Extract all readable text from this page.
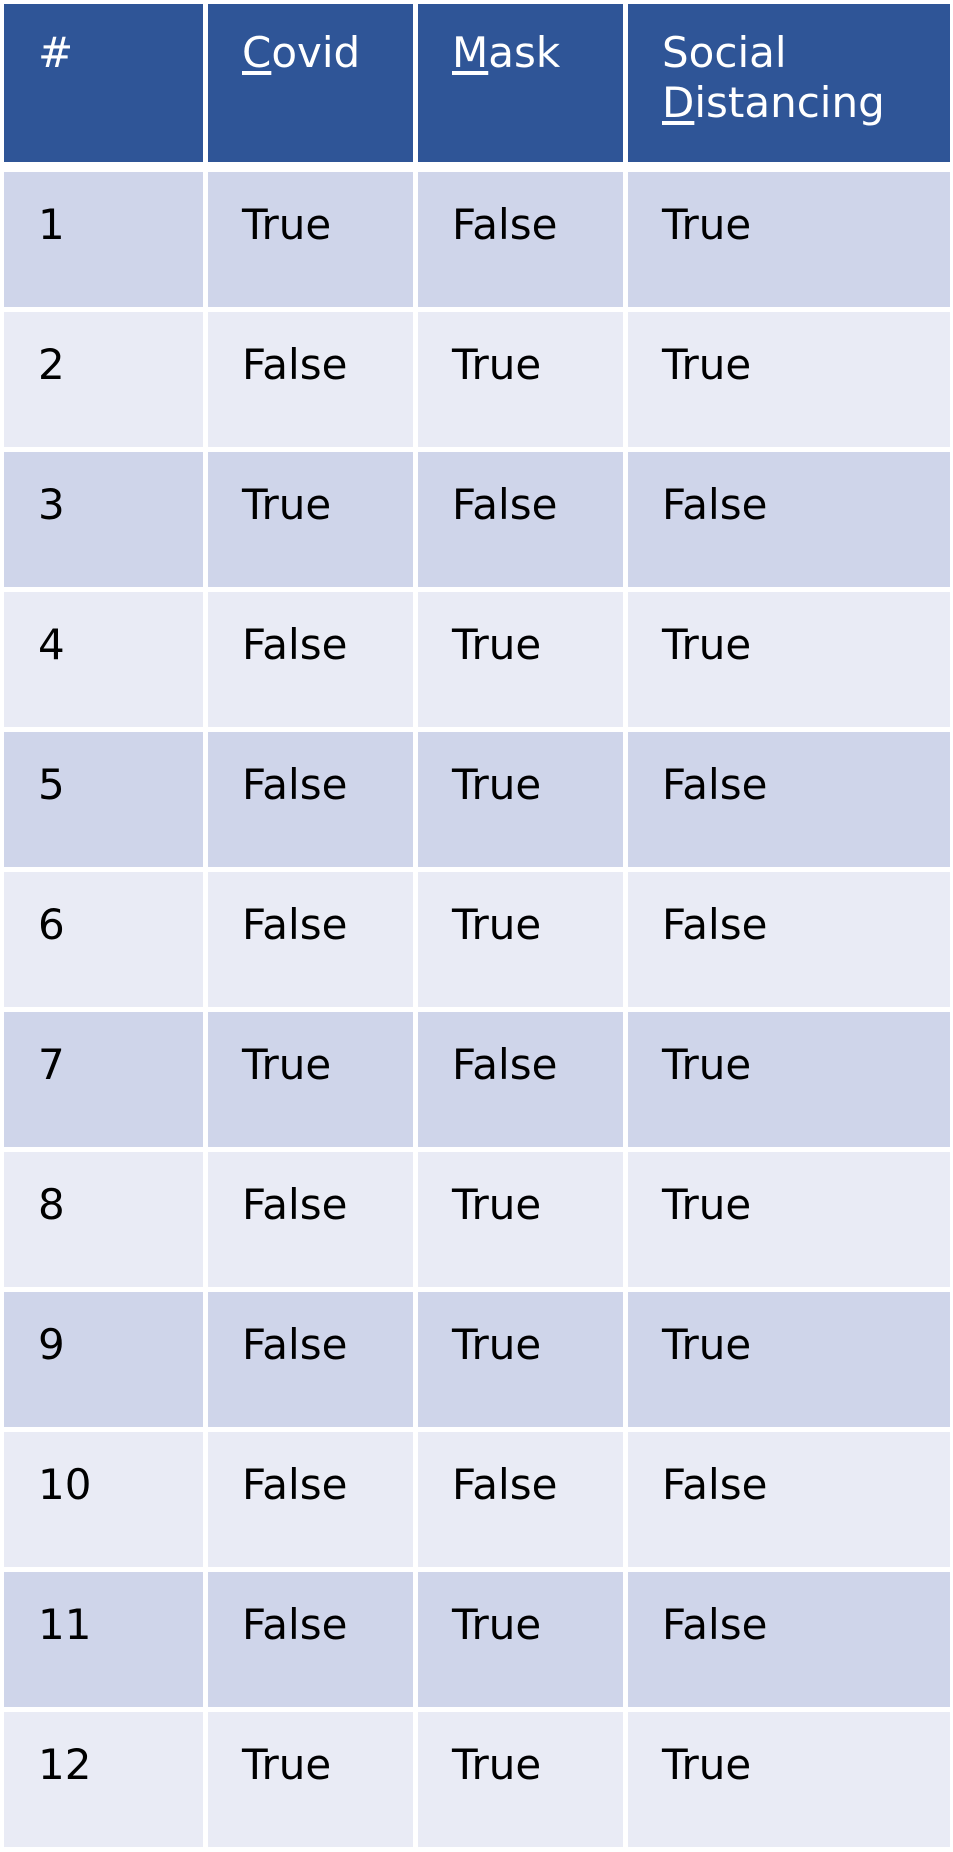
#	Covid	Mask	Social
Distancing
1	True	False	True
2	False	True	True
3	True	False	False
4	False	True	True
5	False	True	False
6	False	True	False
7	True	False	True
8	False	True	True
9	False	True	True
10	False	False	False
11	False	True	False
12	True	True	True
